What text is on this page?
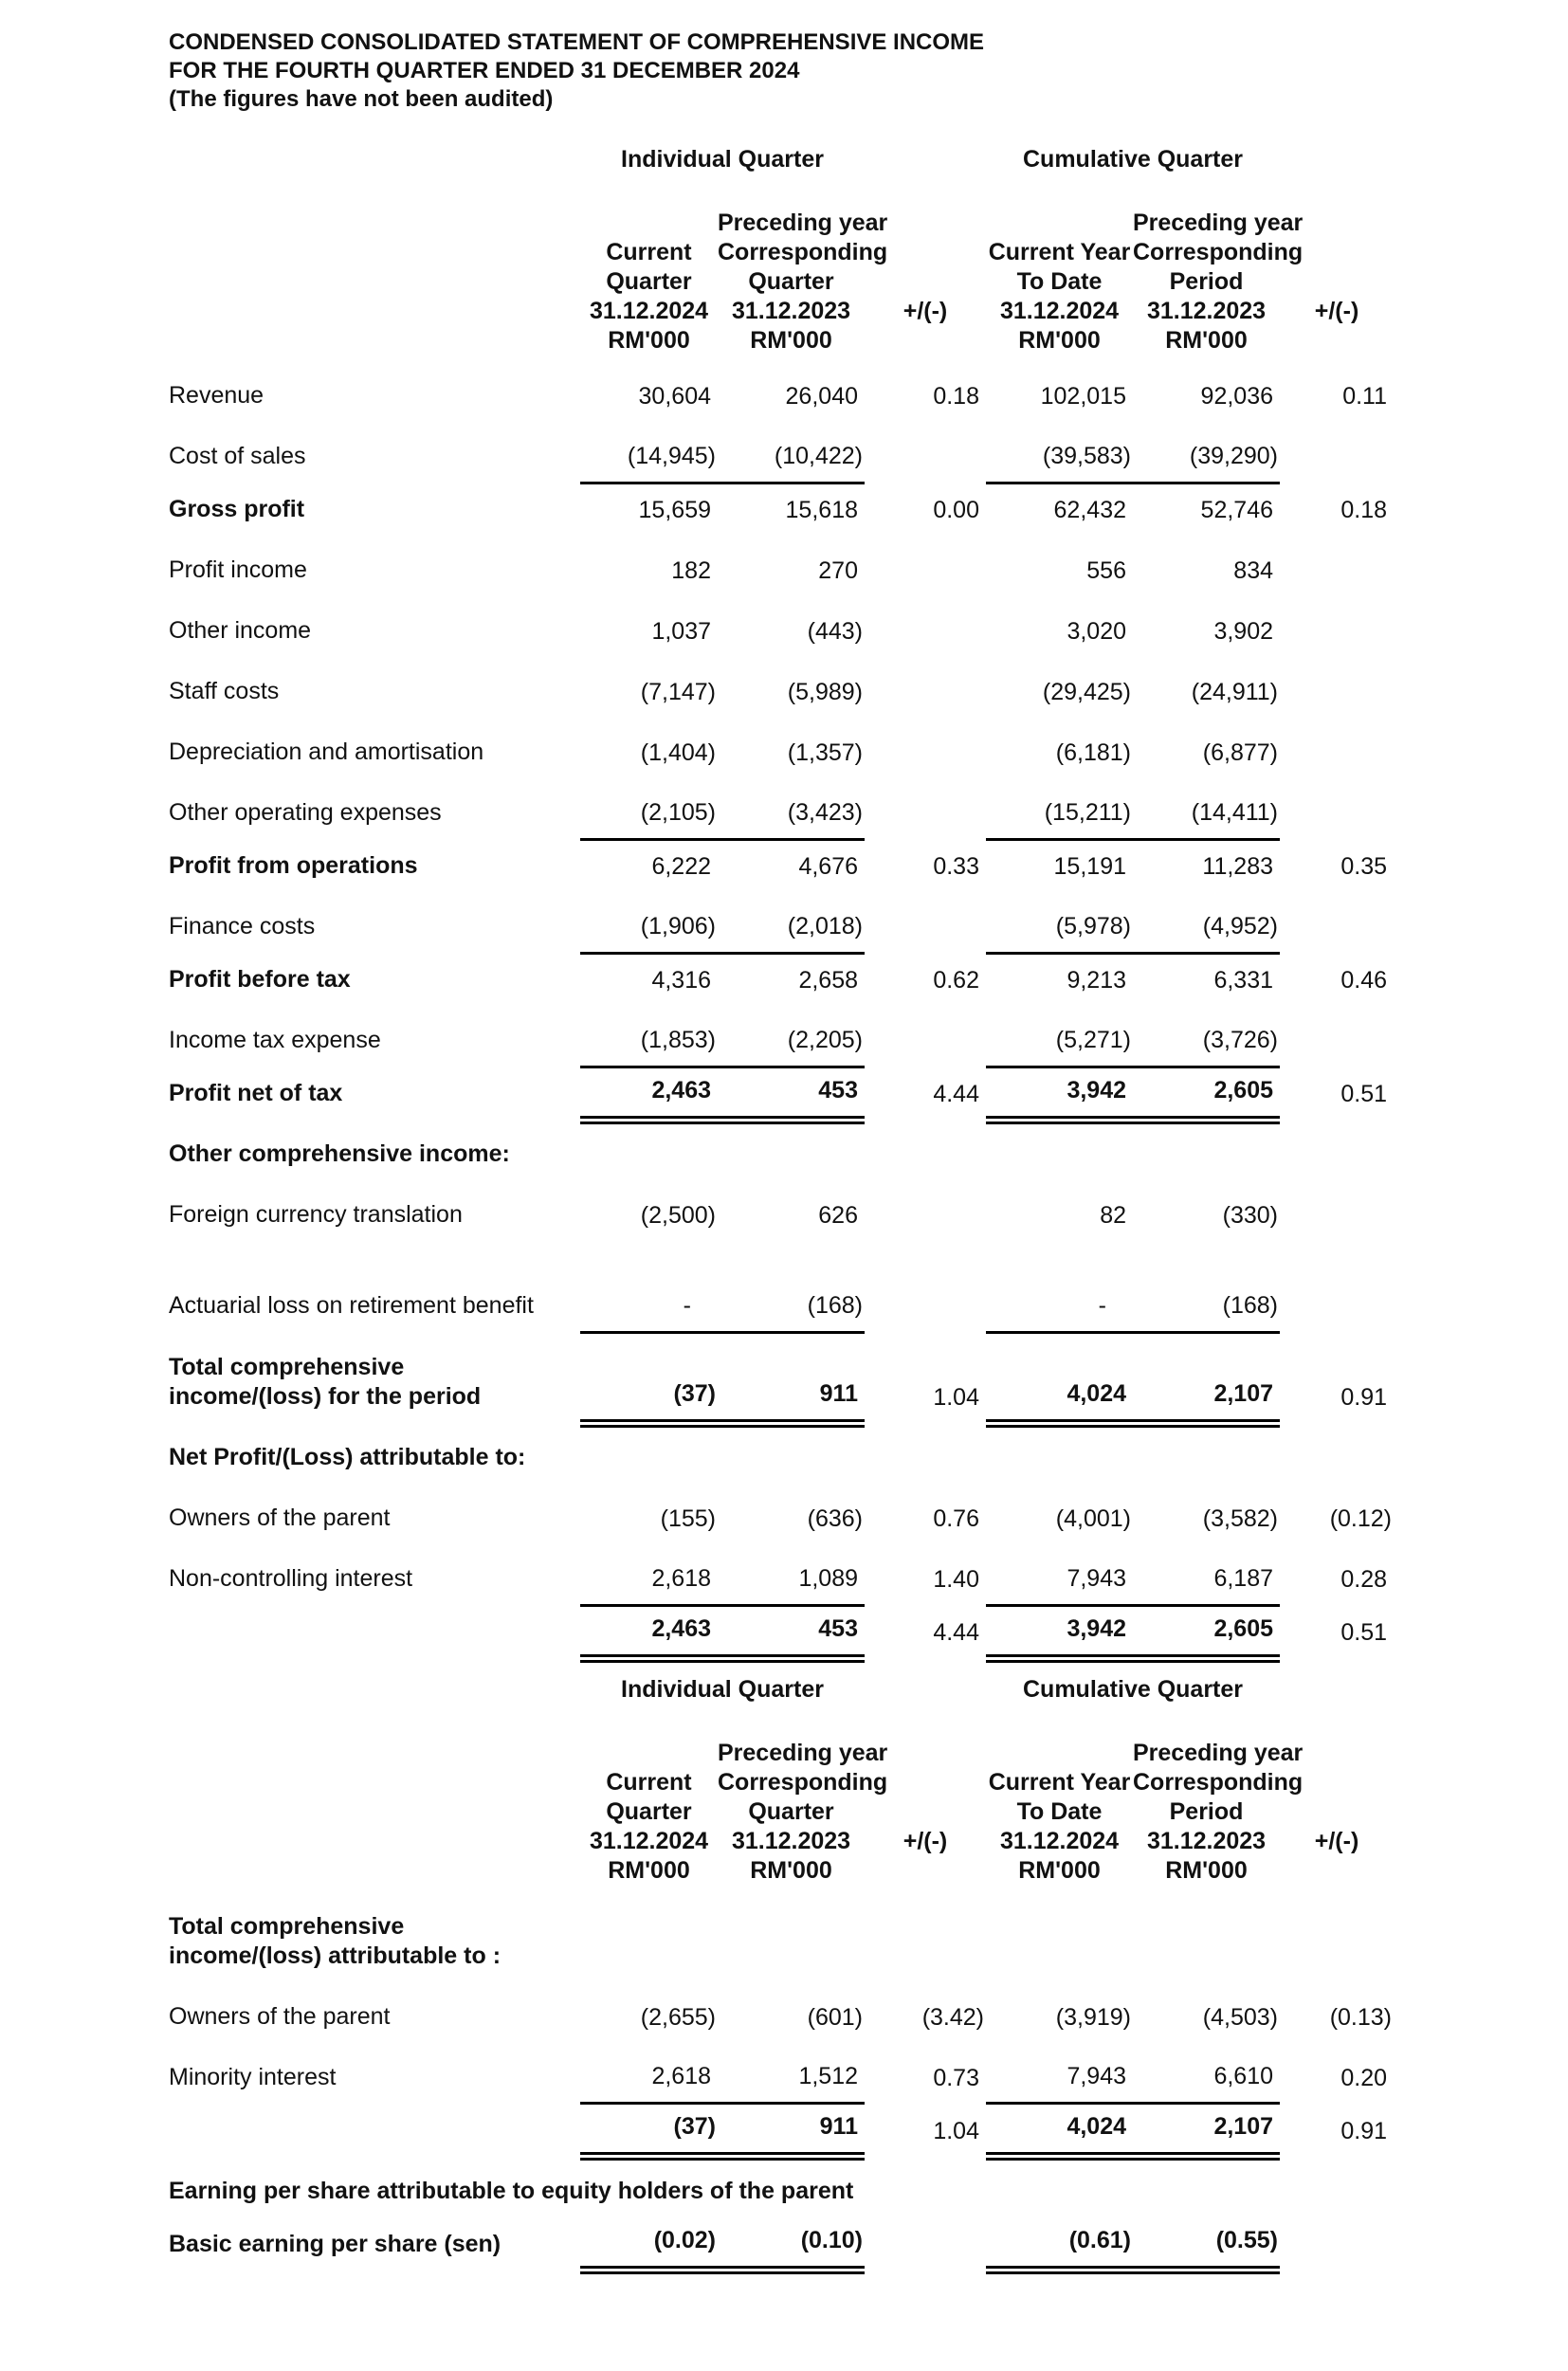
CONDENSED CONSOLIDATED STATEMENT OF COMPREHENSIVE INCOME
FOR THE FOURTH QUARTER ENDED 31 DECEMBER 2024
(The figures have not been audited)
	Individual Quarter			Cumulative Quarter		

Current
Quarter
31.12.2024
RM'000

Preceding year
Corresponding
Quarter
31.12.2023
RM'000

+/(-)

Current Year
To Date
31.12.2024
RM'000

Preceding year
Corresponding
Period
31.12.2023
RM'000

+/(-)

Revenue	30,604	26,040	0.18	102,015	92,036	0.11

Cost of sales	(14,945)	(10,422)		(39,583)	(39,290)	

Gross profit	15,659	15,618	0.00	62,432	52,746	0.18

Profit income	182	270		556	834	

Other income	1,037	(443)		3,020	3,902	

Staff costs	(7,147)	(5,989)		(29,425)	(24,911)	

Depreciation and amortisation	(1,404)	(1,357)		(6,181)	(6,877)	

Other operating expenses	(2,105)	(3,423)		(15,211)	(14,411)	

Profit from operations	6,222	4,676	0.33	15,191	11,283	0.35

Finance costs	(1,906)	(2,018)		(5,978)	(4,952)	

Profit before tax	4,316	2,658	0.62	9,213	6,331	0.46

Income tax expense	(1,853)	(2,205)		(5,271)	(3,726)	

Profit net of tax	2,463	453	4.44	3,942	2,605	0.51

Other comprehensive income:						

Foreign currency translation	(2,500)	626		82	(330)	

Actuarial loss on retirement benefit	-	(168)		-	(168)	

Total comprehensive
income/(loss) for the period	(37)	911	1.04	4,024	2,107	0.91

Net Profit/(Loss) attributable to:						

Owners of the parent	(155)	(636)	0.76	(4,001)	(3,582)	(0.12)

Non-controlling interest	2,618	1,089	1.40	7,943	6,187	0.28

	2,463	453	4.44	3,942	2,605	0.51
	Individual Quarter			Cumulative Quarter		

Current
Quarter
31.12.2024
RM'000

Preceding year
Corresponding
Quarter
31.12.2023
RM'000

+/(-)

Current Year
To Date
31.12.2024
RM'000

Preceding year
Corresponding
Period
31.12.2023
RM'000

+/(-)

Total comprehensive
income/(loss) attributable to :						

Owners of the parent	(2,655)	(601)	(3.42)	(3,919)	(4,503)	(0.13)

Minority interest	2,618	1,512	0.73	7,943	6,610	0.20

	(37)	911	1.04	4,024	2,107	0.91

Earning per share attributable to equity holders of the parent						

Basic earning per share (sen)	(0.02)	(0.10)		(0.61)	(0.55)	
